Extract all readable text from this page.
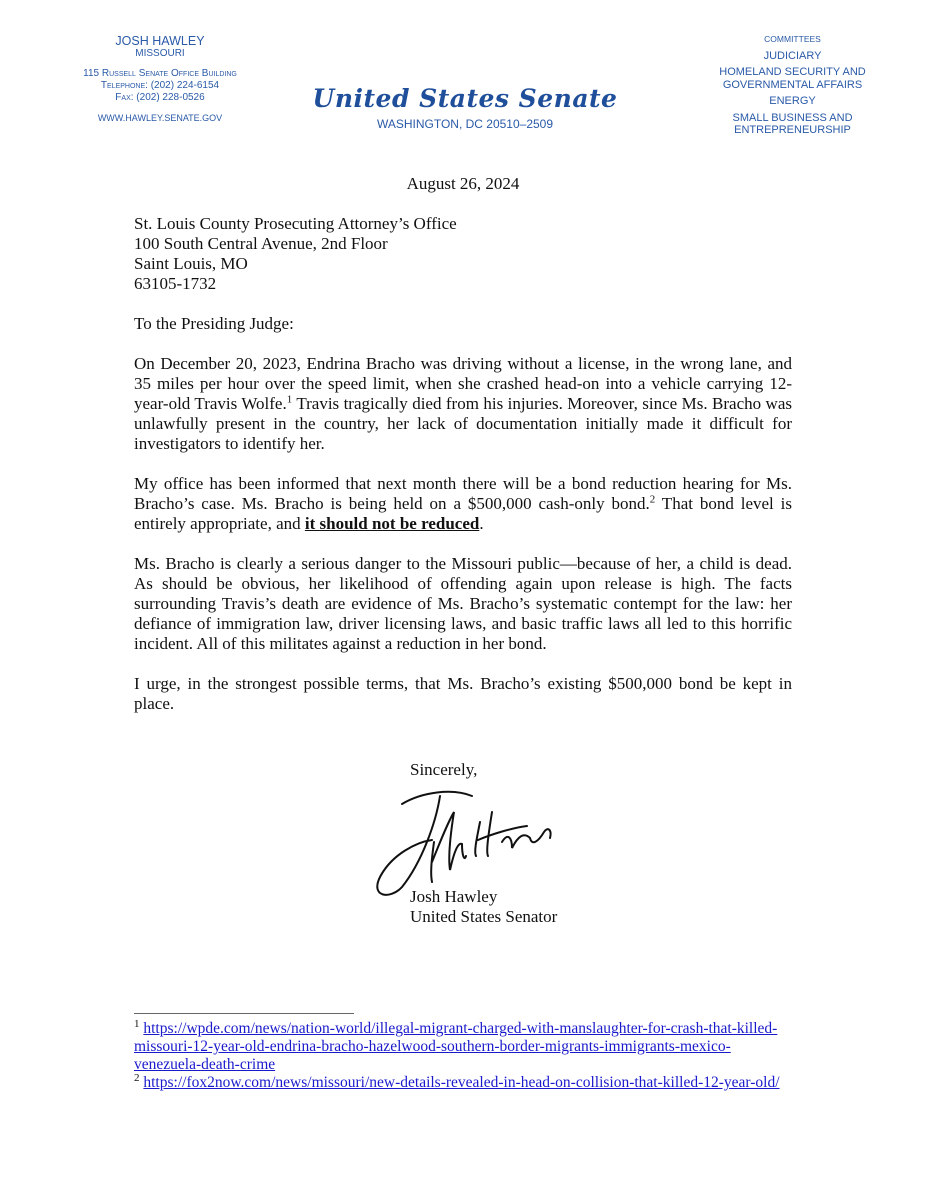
JOSH HAWLEY
MISSOURI
115 Russell Senate Office Building
Telephone: (202) 224-6154
Fax: (202) 228-0526
WWW.HAWLEY.SENATE.GOV
United States Senate
WASHINGTON, DC 20510–2509
COMMITTEES
JUDICIARY
HOMELAND SECURITY AND GOVERNMENTAL AFFAIRS
ENERGY
SMALL BUSINESS AND ENTREPRENEURSHIP
August 26, 2024
St. Louis County Prosecuting Attorney’s Office
100 South Central Avenue, 2nd Floor
Saint Louis, MO
63105-1732

To the Presiding Judge:

On December 20, 2023, Endrina Bracho was driving without a license, in the wrong lane, and 35 miles per hour over the speed limit, when she crashed head-on into a vehicle carrying 12-year-old Travis Wolfe.$^1$ Travis tragically died from his injuries. Moreover, since Ms. Bracho was unlawfully present in the country, her lack of documentation initially made it difficult for investigators to identify her.

My office has been informed that next month there will be a bond reduction hearing for Ms. Bracho’s case. Ms. Bracho is being held on a $500,000 cash-only bond.$^2$ That bond level is entirely appropriate, and it should not be reduced.

Ms. Bracho is clearly a serious danger to the Missouri public—because of her, a child is dead. As should be obvious, her likelihood of offending again upon release is high. The facts surrounding Travis’s death are evidence of Ms. Bracho’s systematic contempt for the law: her defiance of immigration law, driver licensing laws, and basic traffic laws all led to this horrific incident. All of this militates against a reduction in her bond.

I urge, in the strongest possible terms, that Ms. Bracho’s existing $500,000 bond be kept in place.

Sincerely,
Josh Hawley
United States Senator
$^1$ https://wpde.com/news/nation-world/illegal-migrant-charged-with-manslaughter-for-crash-that-killed-missouri-12-year-old-endrina-bracho-hazelwood-southern-border-migrants-immigrants-mexico-venezuela-death-crime
$^2$ https://fox2now.com/news/missouri/new-details-revealed-in-head-on-collision-that-killed-12-year-old/
